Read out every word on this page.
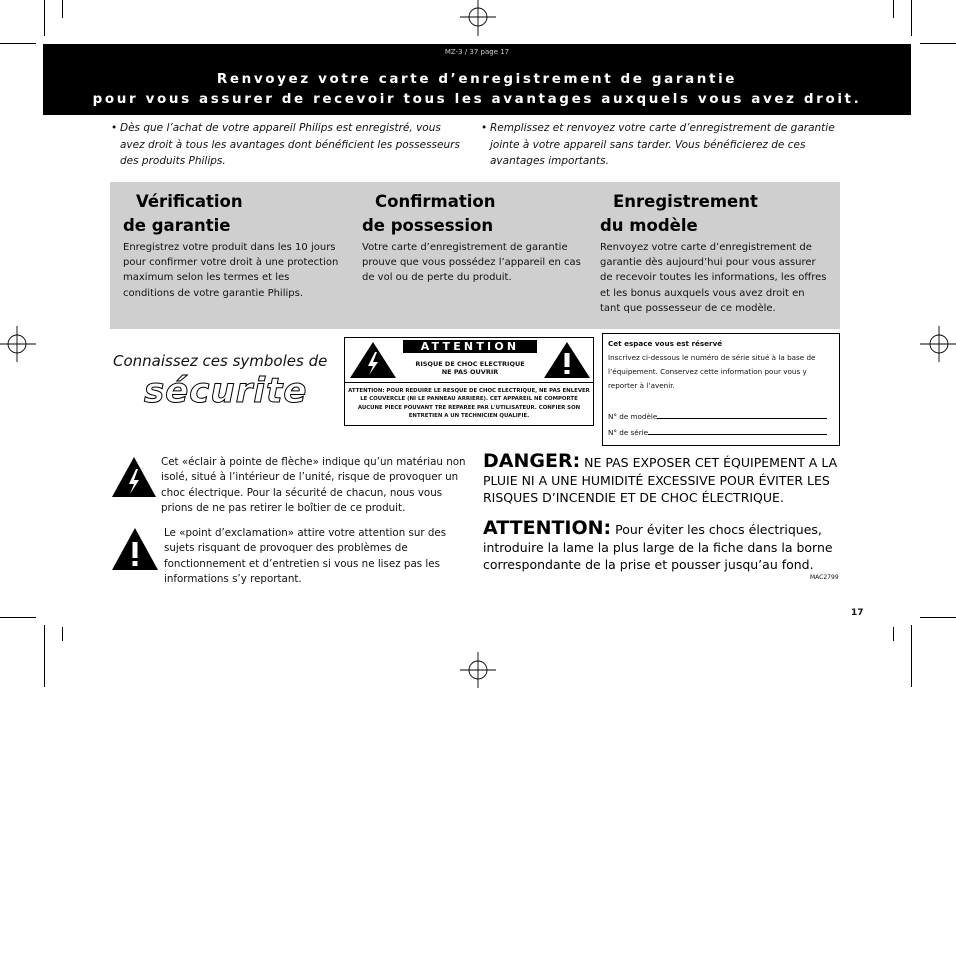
MZ-3 / 37 page 17
Renvoyez votre carte d’enregistrement de garantie
pour vous assurer de recevoir tous les avantages auxquels vous avez droit.
• Dès que l’achat de votre appareil Philips est enregistré, vous avez droit à tous les avantages dont bénéficient les possesseurs des produits Philips.
• Remplissez et renvoyez votre carte d’enregistrement de garantie jointe à votre appareil sans tarder. Vous bénéficierez de ces avantages importants.
Vérification
de garantie
Enregistrez votre produit dans les 10 jours pour confirmer votre droit à une protection maximum selon les termes et les conditions de votre garantie Philips.
Confirmation
de possession
Votre carte d’enregistrement de garantie prouve que vous possédez l’appareil en cas de vol ou de perte du produit.
Enregistrement
du modèle
Renvoyez votre carte d’enregistrement de garantie dès aujourd’hui pour vous assurer de recevoir toutes les informations, les offres et les bonus auxquels vous avez droit en tant que possesseur de ce modèle.
Connaissez ces symboles de
sécurite
ATTENTION
RISQUE DE CHOC ELECTRIQUE
NE PAS OUVRIR
ATTENTION: POUR REDUIRE LE RESQUE DE CHOC ELECTRIQUE, NE PAS ENLEVER LE COUVERCLE (NI LE PANNEAU ARRIERE). CET APPAREIL NE COMPORTE AUCUNE PIECE POUVANT TRE REPAREE PAR L'UTILISATEUR. CONFIER SON ENTRETIEN A UN TECHNICIEN QUALIFIE.
Cet espace vous est réservé
Inscrivez ci-dessous le numéro de série situé à la base de l’équipement. Conservez cette information pour vous y reporter à l’avenir.
N° de modèle
N° de série
Cet «éclair à pointe de flèche» indique qu’un matériau non isolé, situé à l’intérieur de l’unité, risque de provoquer un choc électrique. Pour la sécurité de chacun, nous vous prions de ne pas retirer le boîtier de ce produit.
Le «point d’exclamation» attire votre attention sur des sujets risquant de provoquer des problèmes de fonctionnement et d’entretien si vous ne lisez pas les informations s’y reportant.
DANGER: NE PAS EXPOSER CET ÉQUIPEMENT A LA PLUIE NI A UNE HUMIDITÉ EXCESSIVE POUR ÉVITER LES RISQUES D’INCENDIE ET DE CHOC ÉLECTRIQUE.
ATTENTION: Pour éviter les chocs électriques, introduire la lame la plus large de la fiche dans la borne correspondante de la prise et pousser jusqu’au fond.
MAC2799
17
